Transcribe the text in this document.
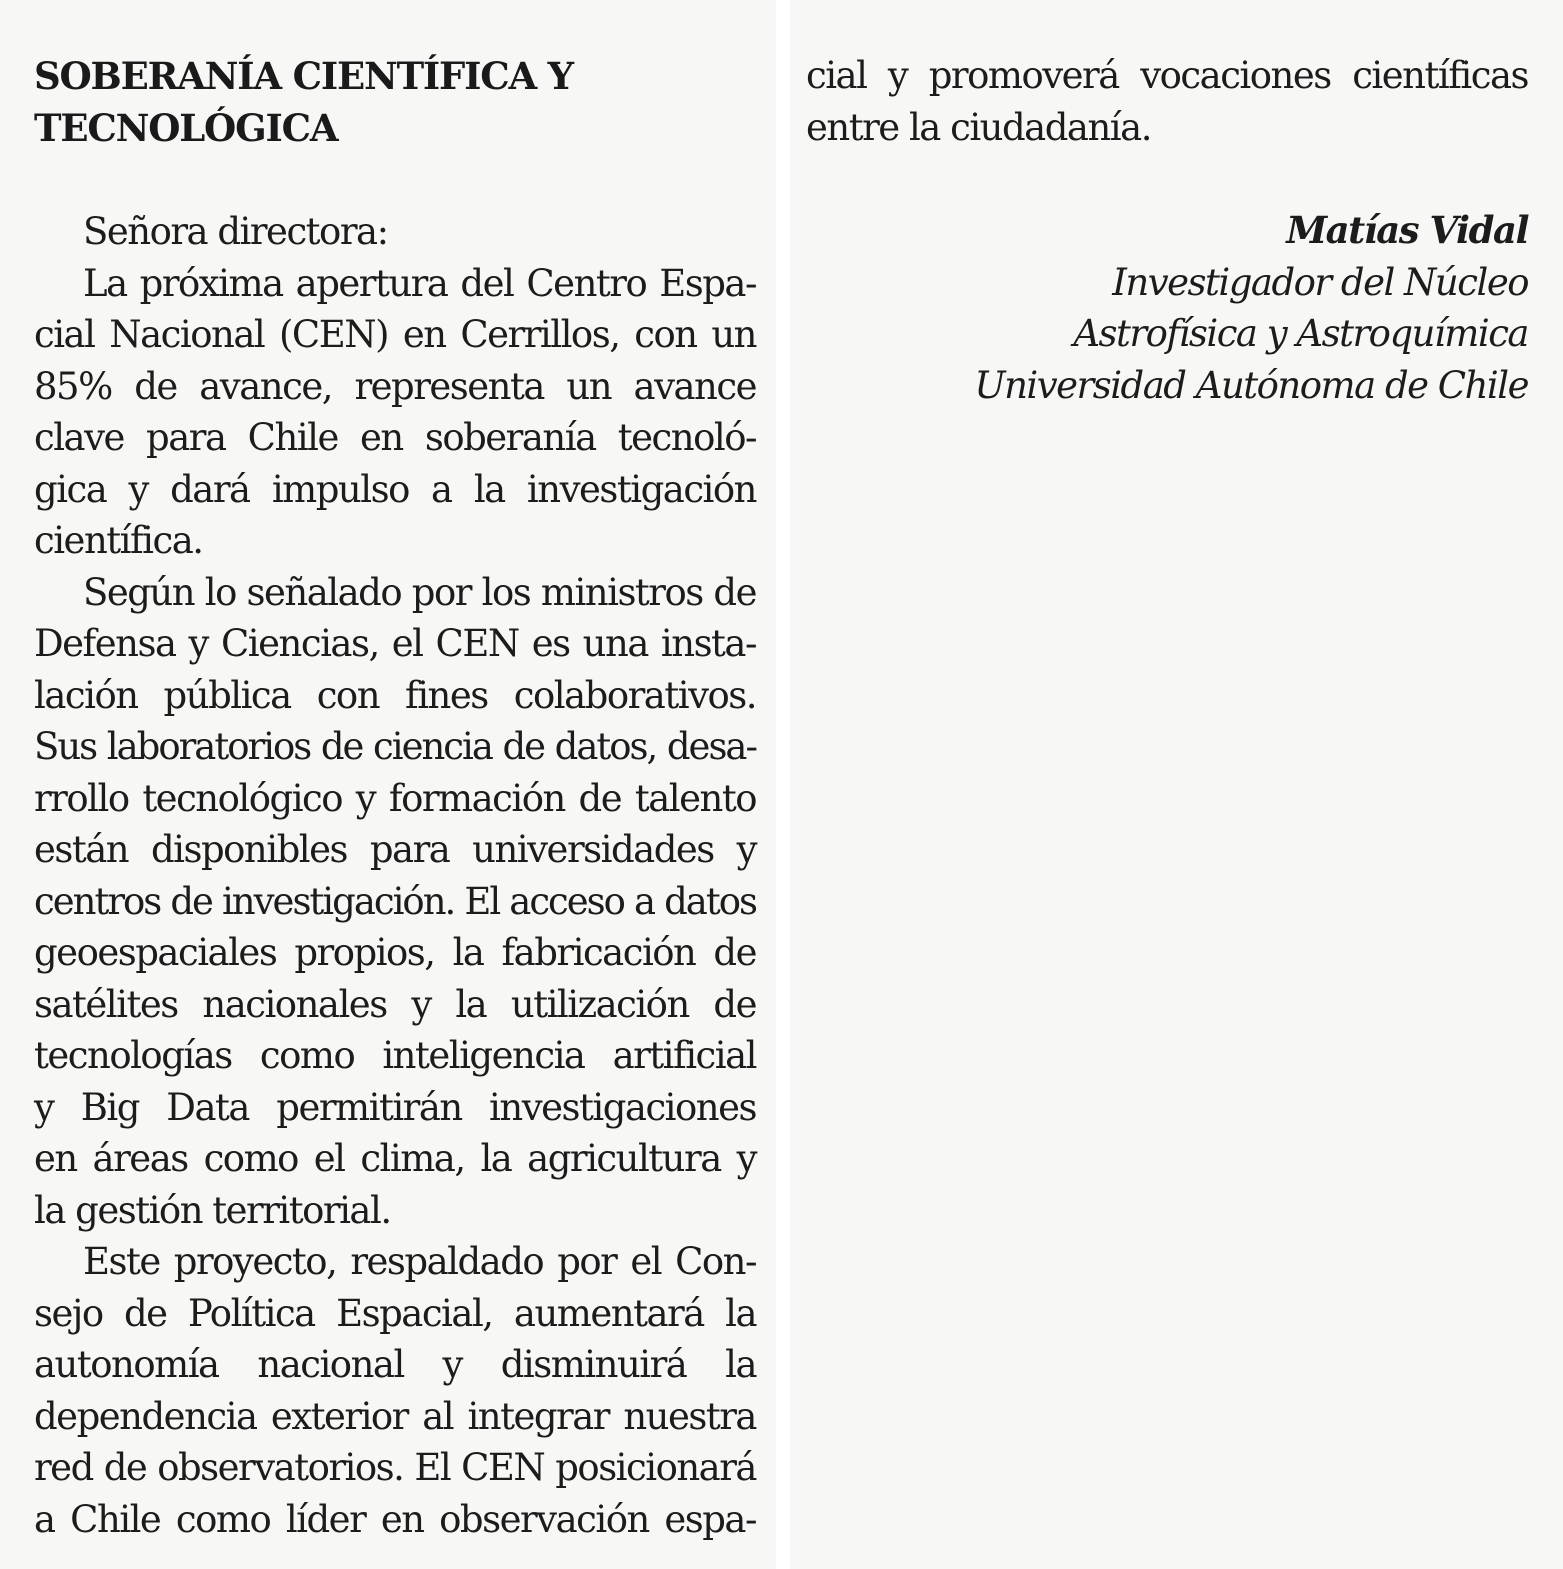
SOBERANÍA CIENTÍFICA Y
TECNOLÓGICA

Señora directora:

La próxima apertura del Centro Espa-
cial Nacional (CEN) en Cerrillos, con un
85% de avance, representa un avance
clave para Chile en soberanía tecnoló-
gica y dará impulso a la investigación
científica.

Según lo señalado por los ministros de
Defensa y Ciencias, el CEN es una insta-
lación pública con fines colaborativos.
Sus laboratorios de ciencia de datos, desa-
rrollo tecnológico y formación de talento
están disponibles para universidades y
centros de investigación. El acceso a datos
geoespaciales propios, la fabricación de
satélites nacionales y la utilización de
tecnologías como inteligencia artificial
y Big Data permitirán investigaciones
en áreas como el clima, la agricultura y
la gestión territorial.

Este proyecto, respaldado por el Con-
sejo de Política Espacial, aumentará la
autonomía nacional y disminuirá la
dependencia exterior al integrar nuestra
red de observatorios. El CEN posicionará
a Chile como líder en observación espa-

cial y promoverá vocaciones científicas
entre la ciudadanía.

Matías Vidal
Investigador del Núcleo
Astrofísica y Astroquímica
Universidad Autónoma de Chile
